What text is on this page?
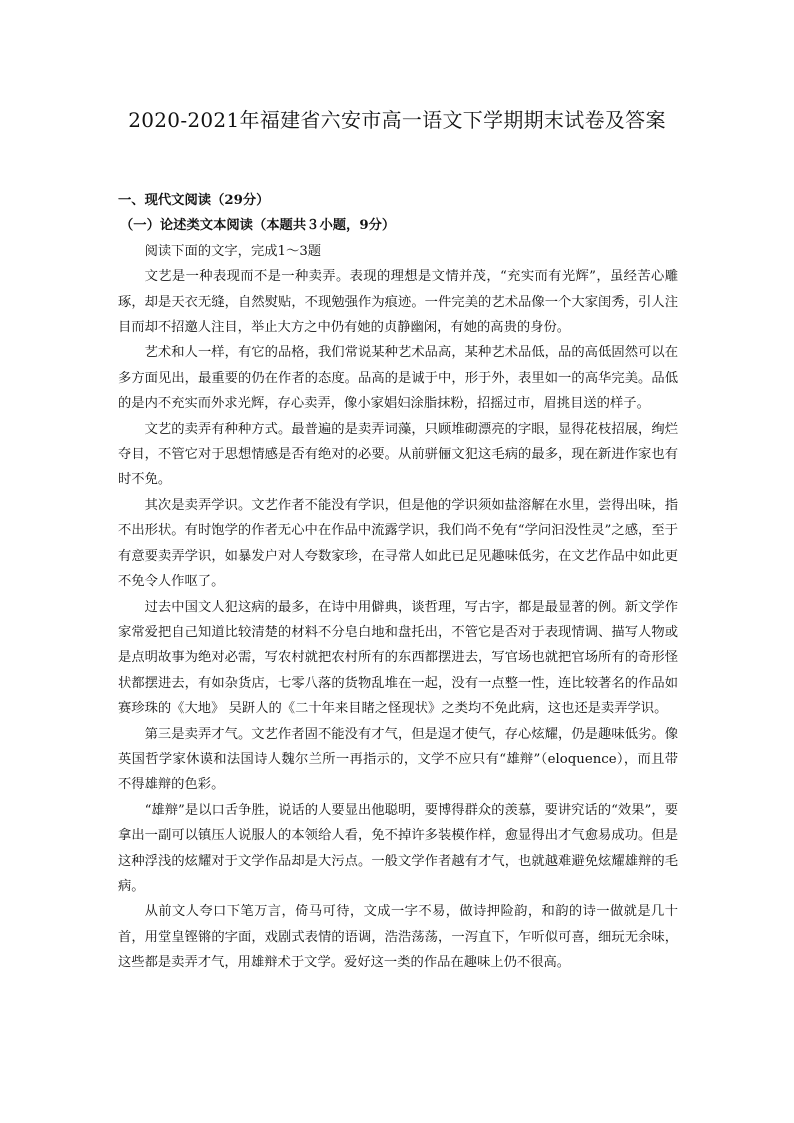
2020-2021年福建省六安市高一语文下学期期末试卷及答案
一、现代文阅读（29分）
（一）论述类文本阅读（本题共３小题，9分）

阅读下面的文字，完成1～3题

文艺是一种表现而不是一种卖弄。表现的理想是文情并茂，“充实而有光辉”，虽经苦心雕琢，却是天衣无缝，自然熨贴，不现勉强作为痕迹。一件完美的艺术品像一个大家闺秀，引人注目而却不招邀人注目，举止大方之中仍有她的贞静幽闲，有她的高贵的身份。

艺术和人一样，有它的品格，我们常说某种艺术品高，某种艺术品低，品的高低固然可以在多方面见出，最重要的仍在作者的态度。品高的是诚于中，形于外，表里如一的高华完美。品低的是内不充实而外求光辉，存心卖弄，像小家娼妇涂脂抹粉，招摇过市，眉挑目送的样子。

文艺的卖弄有种种方式。最普遍的是卖弄词藻，只顾堆砌漂亮的字眼，显得花枝招展，绚烂夺目，不管它对于思想情感是否有绝对的必要。从前骈俪文犯这毛病的最多，现在新进作家也有时不免。

其次是卖弄学识。文艺作者不能没有学识，但是他的学识须如盐溶解在水里，尝得出味，指不出形状。有时饱学的作者无心中在作品中流露学识，我们尚不免有“学问汩没性灵”之感，至于有意要卖弄学识，如暴发户对人夸数家珍，在寻常人如此已足见趣味低劣，在文艺作品中如此更不免令人作呕了。

过去中国文人犯这病的最多，在诗中用僻典，谈哲理，写古字，都是最显著的例。新文学作家常爱把自己知道比较清楚的材料不分皂白地和盘托出，不管它是否对于表现情调、描写人物或是点明故事为绝对必需，写农村就把农村所有的东西都摆进去，写官场也就把官场所有的奇形怪状都摆进去，有如杂货店，七零八落的货物乱堆在一起，没有一点整一性，连比较著名的作品如赛珍珠的《大地》 吴趼人的《二十年来目睹之怪现状》之类均不免此病，这也还是卖弄学识。

第三是卖弄才气。文艺作者固不能没有才气，但是逞才使气，存心炫耀，仍是趣味低劣。像英国哲学家休谟和法国诗人魏尔兰所一再指示的，文学不应只有“雄辩”（eloquence），而且带不得雄辩的色彩。

“雄辩”是以口舌争胜，说话的人要显出他聪明，要博得群众的羡慕，要讲究话的“效果”，要拿出一副可以镇压人说服人的本领给人看，免不掉许多装模作样，愈显得出才气愈易成功。但是这种浮浅的炫耀对于文学作品却是大污点。一般文学作者越有才气，也就越难避免炫耀雄辩的毛病。

从前文人夸口下笔万言，倚马可待，文成一字不易，做诗押险韵，和韵的诗一做就是几十首，用堂皇铿锵的字面，戏剧式表情的语调，浩浩荡荡，一泻直下，乍听似可喜，细玩无余味，这些都是卖弄才气，用雄辩术于文学。爱好这一类的作品在趣味上仍不很高。
